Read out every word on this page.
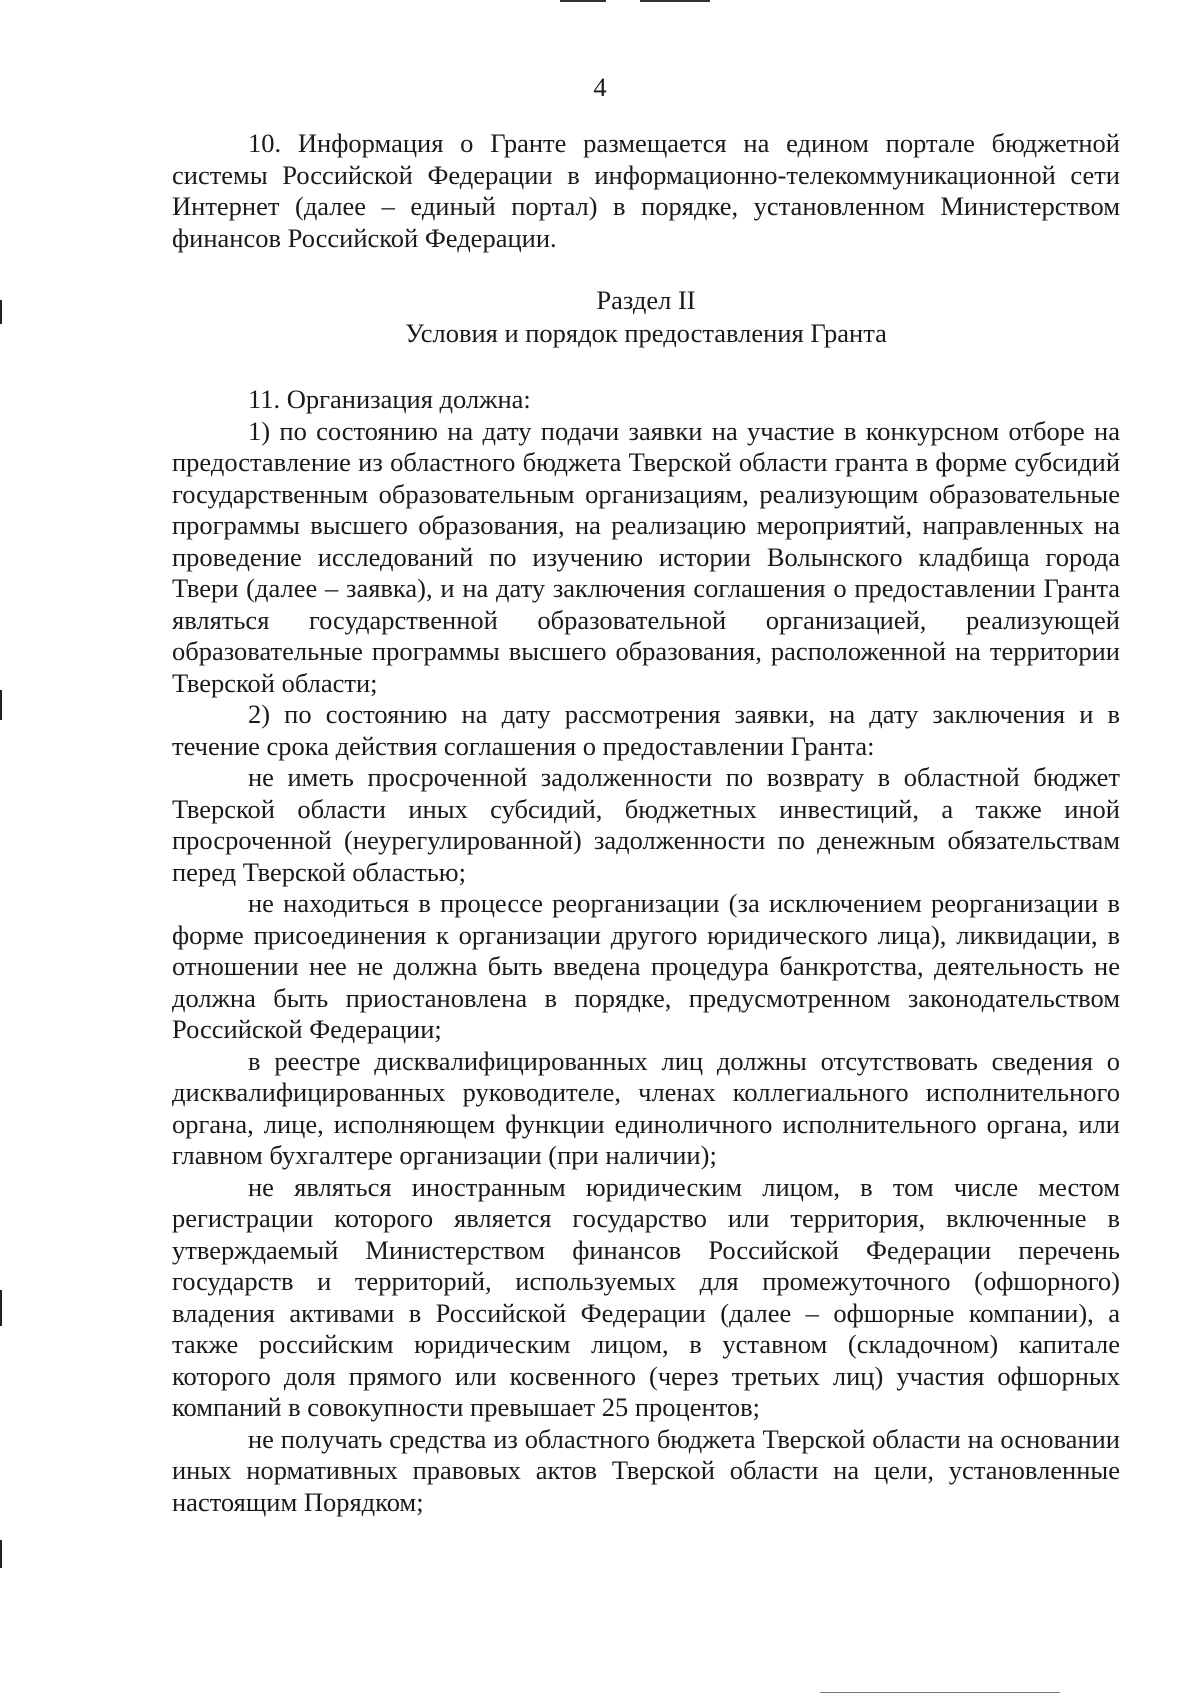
4

10. Информация о Гранте размещается на едином портале бюджетной системы Российской Федерации в информационно-телекоммуникационной сети Интернет (далее – единый портал) в порядке, установленном Министерством финансов Российской Федерации.

Раздел II

Условия и порядок предоставления Гранта

11. Организация должна:

1) по состоянию на дату подачи заявки на участие в конкурсном отборе на предоставление из областного бюджета Тверской области гранта в форме субсидий государственным образовательным организациям, реализующим образовательные программы высшего образования, на реализацию мероприятий, направленных на проведение исследований по изучению истории Волынского кладбища города Твери (далее – заявка), и на дату заключения соглашения о предоставлении Гранта являться государственной образовательной организацией, реализующей образовательные программы высшего образования, расположенной на территории Тверской области;

2) по состоянию на дату рассмотрения заявки, на дату заключения и в течение срока действия соглашения о предоставлении Гранта:

не иметь просроченной задолженности по возврату в областной бюджет Тверской области иных субсидий, бюджетных инвестиций, а также иной просроченной (неурегулированной) задолженности по денежным обязательствам перед Тверской областью;

не находиться в процессе реорганизации (за исключением реорганизации в форме присоединения к организации другого юридического лица), ликвидации, в отношении нее не должна быть введена процедура банкротства, деятельность не должна быть приостановлена в порядке, предусмотренном законодательством Российской Федерации;

в реестре дисквалифицированных лиц должны отсутствовать сведения о дисквалифицированных руководителе, членах коллегиального исполнительного органа, лице, исполняющем функции единоличного исполнительного органа, или главном бухгалтере организации (при наличии);

не являться иностранным юридическим лицом, в том числе местом регистрации которого является государство или территория, включенные в утверждаемый Министерством финансов Российской Федерации перечень государств и территорий, используемых для промежуточного (офшорного) владения активами в Российской Федерации (далее – офшорные компании), а также российским юридическим лицом, в уставном (складочном) капитале которого доля прямого или косвенного (через третьих лиц) участия офшорных компаний в совокупности превышает 25 процентов;

не получать средства из областного бюджета Тверской области на основании иных нормативных правовых актов Тверской области на цели, установленные настоящим Порядком;
